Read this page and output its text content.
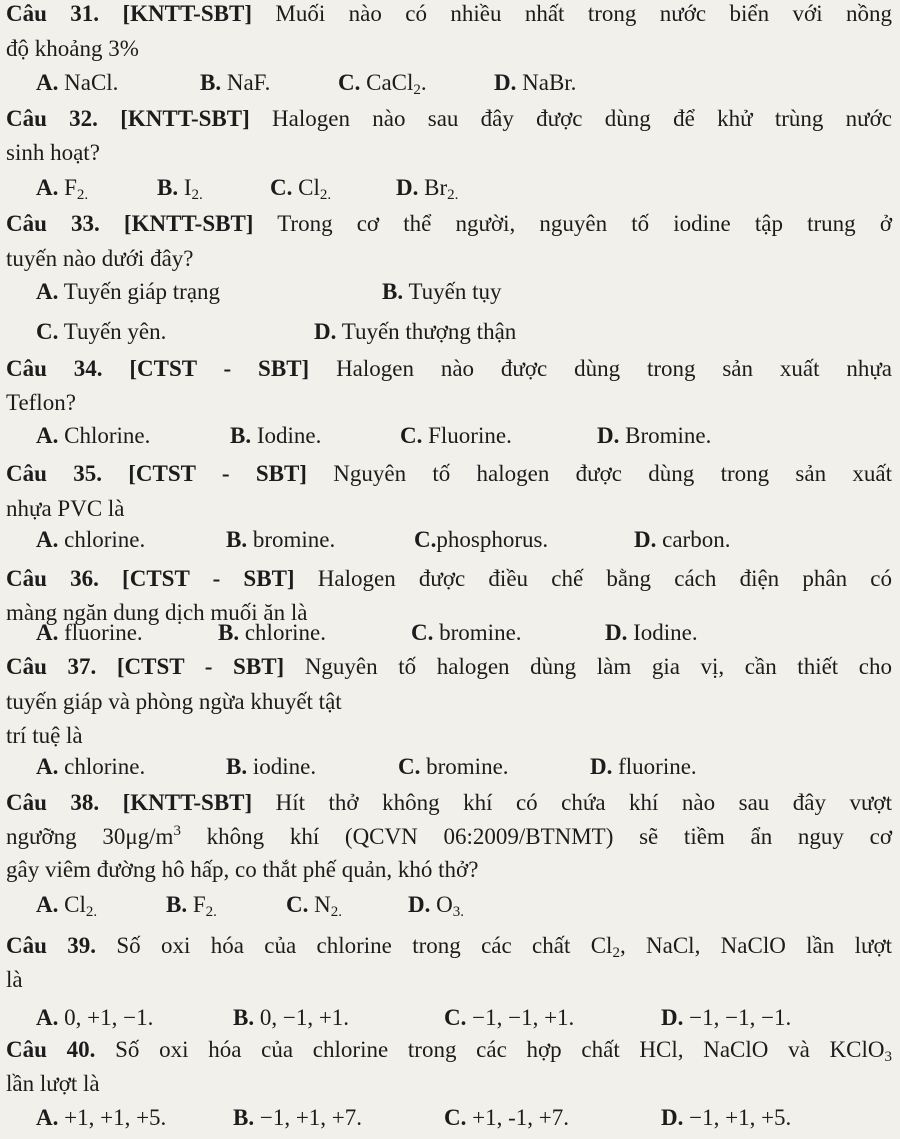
Câu 31. [KNTT-SBT] Muối nào có nhiều nhất trong nước biển với nồng
độ khoảng 3%
A. NaCl.	B. NaF.	C. CaCl$_2$.	D. NaBr.
Câu 32. [KNTT-SBT] Halogen nào sau đây được dùng để khử trùng nước
sinh hoạt?
A. $F_{2.}$	B. $I_{2.}$	C. $Cl_{2.}$	D. $Br_{2.}$
Câu 33. [KNTT-SBT] Trong cơ thể người, nguyên tố iodine tập trung ở
tuyến nào dưới đây?
A. Tuyến giáp trạng	B. Tuyến tụy
C. Tuyến yên.	D. Tuyến thượng thận
Câu 34. [CTST - SBT] Halogen nào được dùng trong sản xuất nhựa
Teflon?
A. Chlorine.	B. Iodine.	C. Fluorine.	D. Bromine.
Câu 35. [CTST - SBT] Nguyên tố halogen được dùng trong sản xuất
nhựa PVC là
A. chlorine.	B. bromine.	C.phosphorus.	D. carbon.
Câu 36. [CTST - SBT] Halogen được điều chế bằng cách điện phân có
màng ngăn dung dịch muối ăn là
A. fluorine.	B. chlorine.	C. bromine.	D. Iodine.
Câu 37. [CTST - SBT] Nguyên tố halogen dùng làm gia vị, cần thiết cho
tuyến giáp và phòng ngừa khuyết tật
trí tuệ là
A. chlorine.	B. iodine.	C. bromine.	D. fluorine.
Câu 38. [KNTT-SBT] Hít thở không khí có chứa khí nào sau đây vượt
ngưỡng $30\mu g/m^3$ không khí (QCVN 06:2009/BTNMT) sẽ tiềm ẩn nguy cơ
gây viêm đường hô hấp, co thắt phế quản, khó thở?
A. $Cl_{2.}$	B. $F_{2.}$	C. $N_{2.}$	D. $O_{3.}$
Câu 39. Số oxi hóa của chlorine trong các chất $Cl_2$, NaCl, NaClO lần lượt
là
A. 0, +1, −1.	B. 0, −1, +1.	C. −1, −1, +1.	D. −1, −1, −1.
Câu 40. Số oxi hóa của chlorine trong các hợp chất HCl, NaClO và KClO$_3$
lần lượt là
A. +1, +1, +5.	B. −1, +1, +7.	C. +1, -1, +7.	D. −1, +1, +5.
